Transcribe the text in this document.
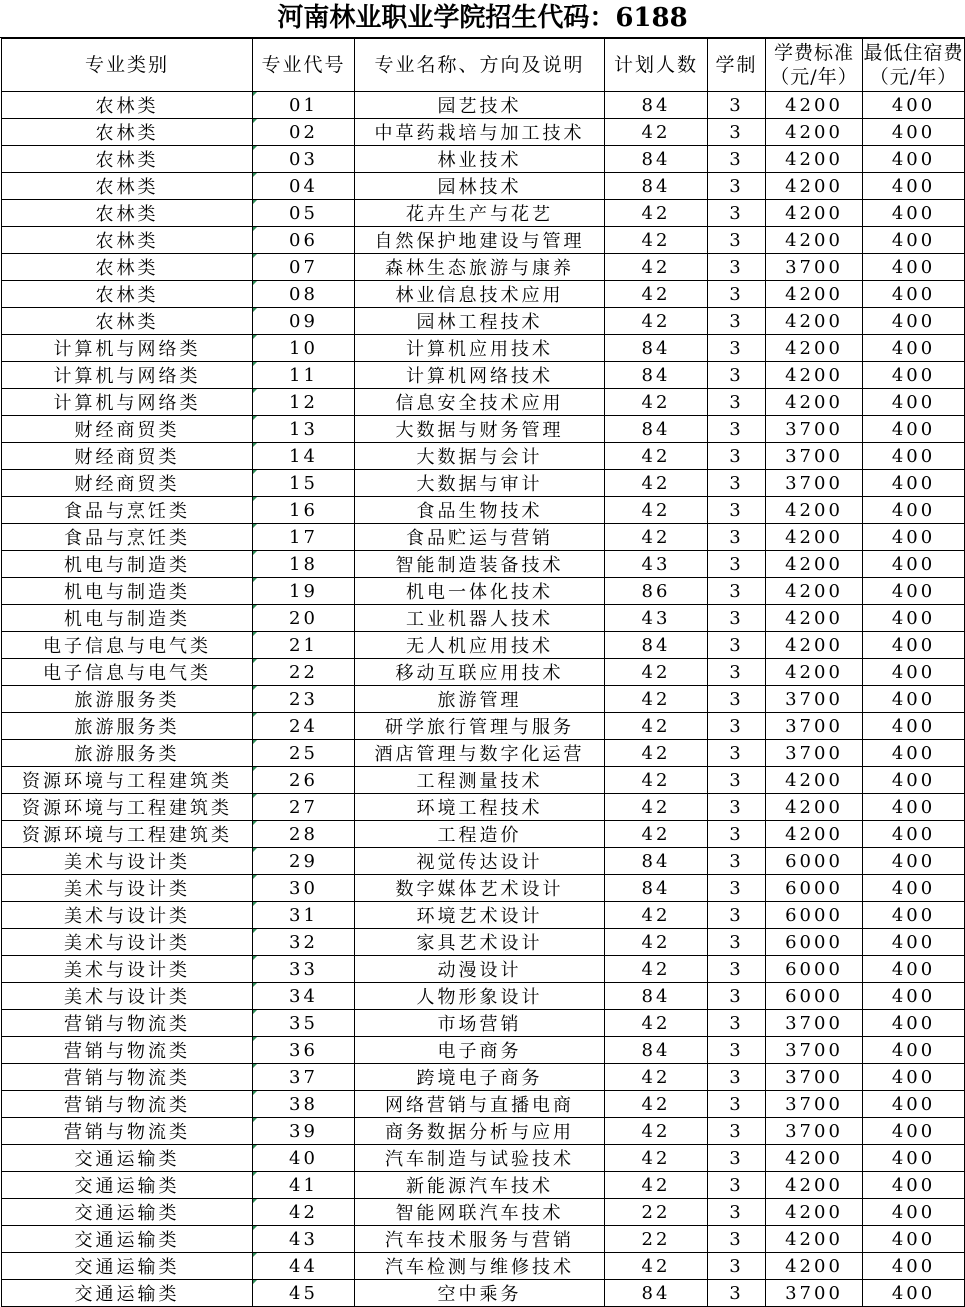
河南林业职业学院招生代码：6188
专业类别	专业代号	专业名称、方向及说明	计划人数	学制	学费标准（元/年）	最低住宿费（元/年）
农林类	01	园艺技术	84	3	4200	400
农林类	02	中草药栽培与加工技术	42	3	4200	400
农林类	03	林业技术	84	3	4200	400
农林类	04	园林技术	84	3	4200	400
农林类	05	花卉生产与花艺	42	3	4200	400
农林类	06	自然保护地建设与管理	42	3	4200	400
农林类	07	森林生态旅游与康养	42	3	3700	400
农林类	08	林业信息技术应用	42	3	4200	400
农林类	09	园林工程技术	42	3	4200	400
计算机与网络类	10	计算机应用技术	84	3	4200	400
计算机与网络类	11	计算机网络技术	84	3	4200	400
计算机与网络类	12	信息安全技术应用	42	3	4200	400
财经商贸类	13	大数据与财务管理	84	3	3700	400
财经商贸类	14	大数据与会计	42	3	3700	400
财经商贸类	15	大数据与审计	42	3	3700	400
食品与烹饪类	16	食品生物技术	42	3	4200	400
食品与烹饪类	17	食品贮运与营销	42	3	4200	400
机电与制造类	18	智能制造装备技术	43	3	4200	400
机电与制造类	19	机电一体化技术	86	3	4200	400
机电与制造类	20	工业机器人技术	43	3	4200	400
电子信息与电气类	21	无人机应用技术	84	3	4200	400
电子信息与电气类	22	移动互联应用技术	42	3	4200	400
旅游服务类	23	旅游管理	42	3	3700	400
旅游服务类	24	研学旅行管理与服务	42	3	3700	400
旅游服务类	25	酒店管理与数字化运营	42	3	3700	400
资源环境与工程建筑类	26	工程测量技术	42	3	4200	400
资源环境与工程建筑类	27	环境工程技术	42	3	4200	400
资源环境与工程建筑类	28	工程造价	42	3	4200	400
美术与设计类	29	视觉传达设计	84	3	6000	400
美术与设计类	30	数字媒体艺术设计	84	3	6000	400
美术与设计类	31	环境艺术设计	42	3	6000	400
美术与设计类	32	家具艺术设计	42	3	6000	400
美术与设计类	33	动漫设计	42	3	6000	400
美术与设计类	34	人物形象设计	84	3	6000	400
营销与物流类	35	市场营销	42	3	3700	400
营销与物流类	36	电子商务	84	3	3700	400
营销与物流类	37	跨境电子商务	42	3	3700	400
营销与物流类	38	网络营销与直播电商	42	3	3700	400
营销与物流类	39	商务数据分析与应用	42	3	3700	400
交通运输类	40	汽车制造与试验技术	42	3	4200	400
交通运输类	41	新能源汽车技术	42	3	4200	400
交通运输类	42	智能网联汽车技术	22	3	4200	400
交通运输类	43	汽车技术服务与营销	22	3	4200	400
交通运输类	44	汽车检测与维修技术	42	3	4200	400
交通运输类	45	空中乘务	84	3	3700	400
